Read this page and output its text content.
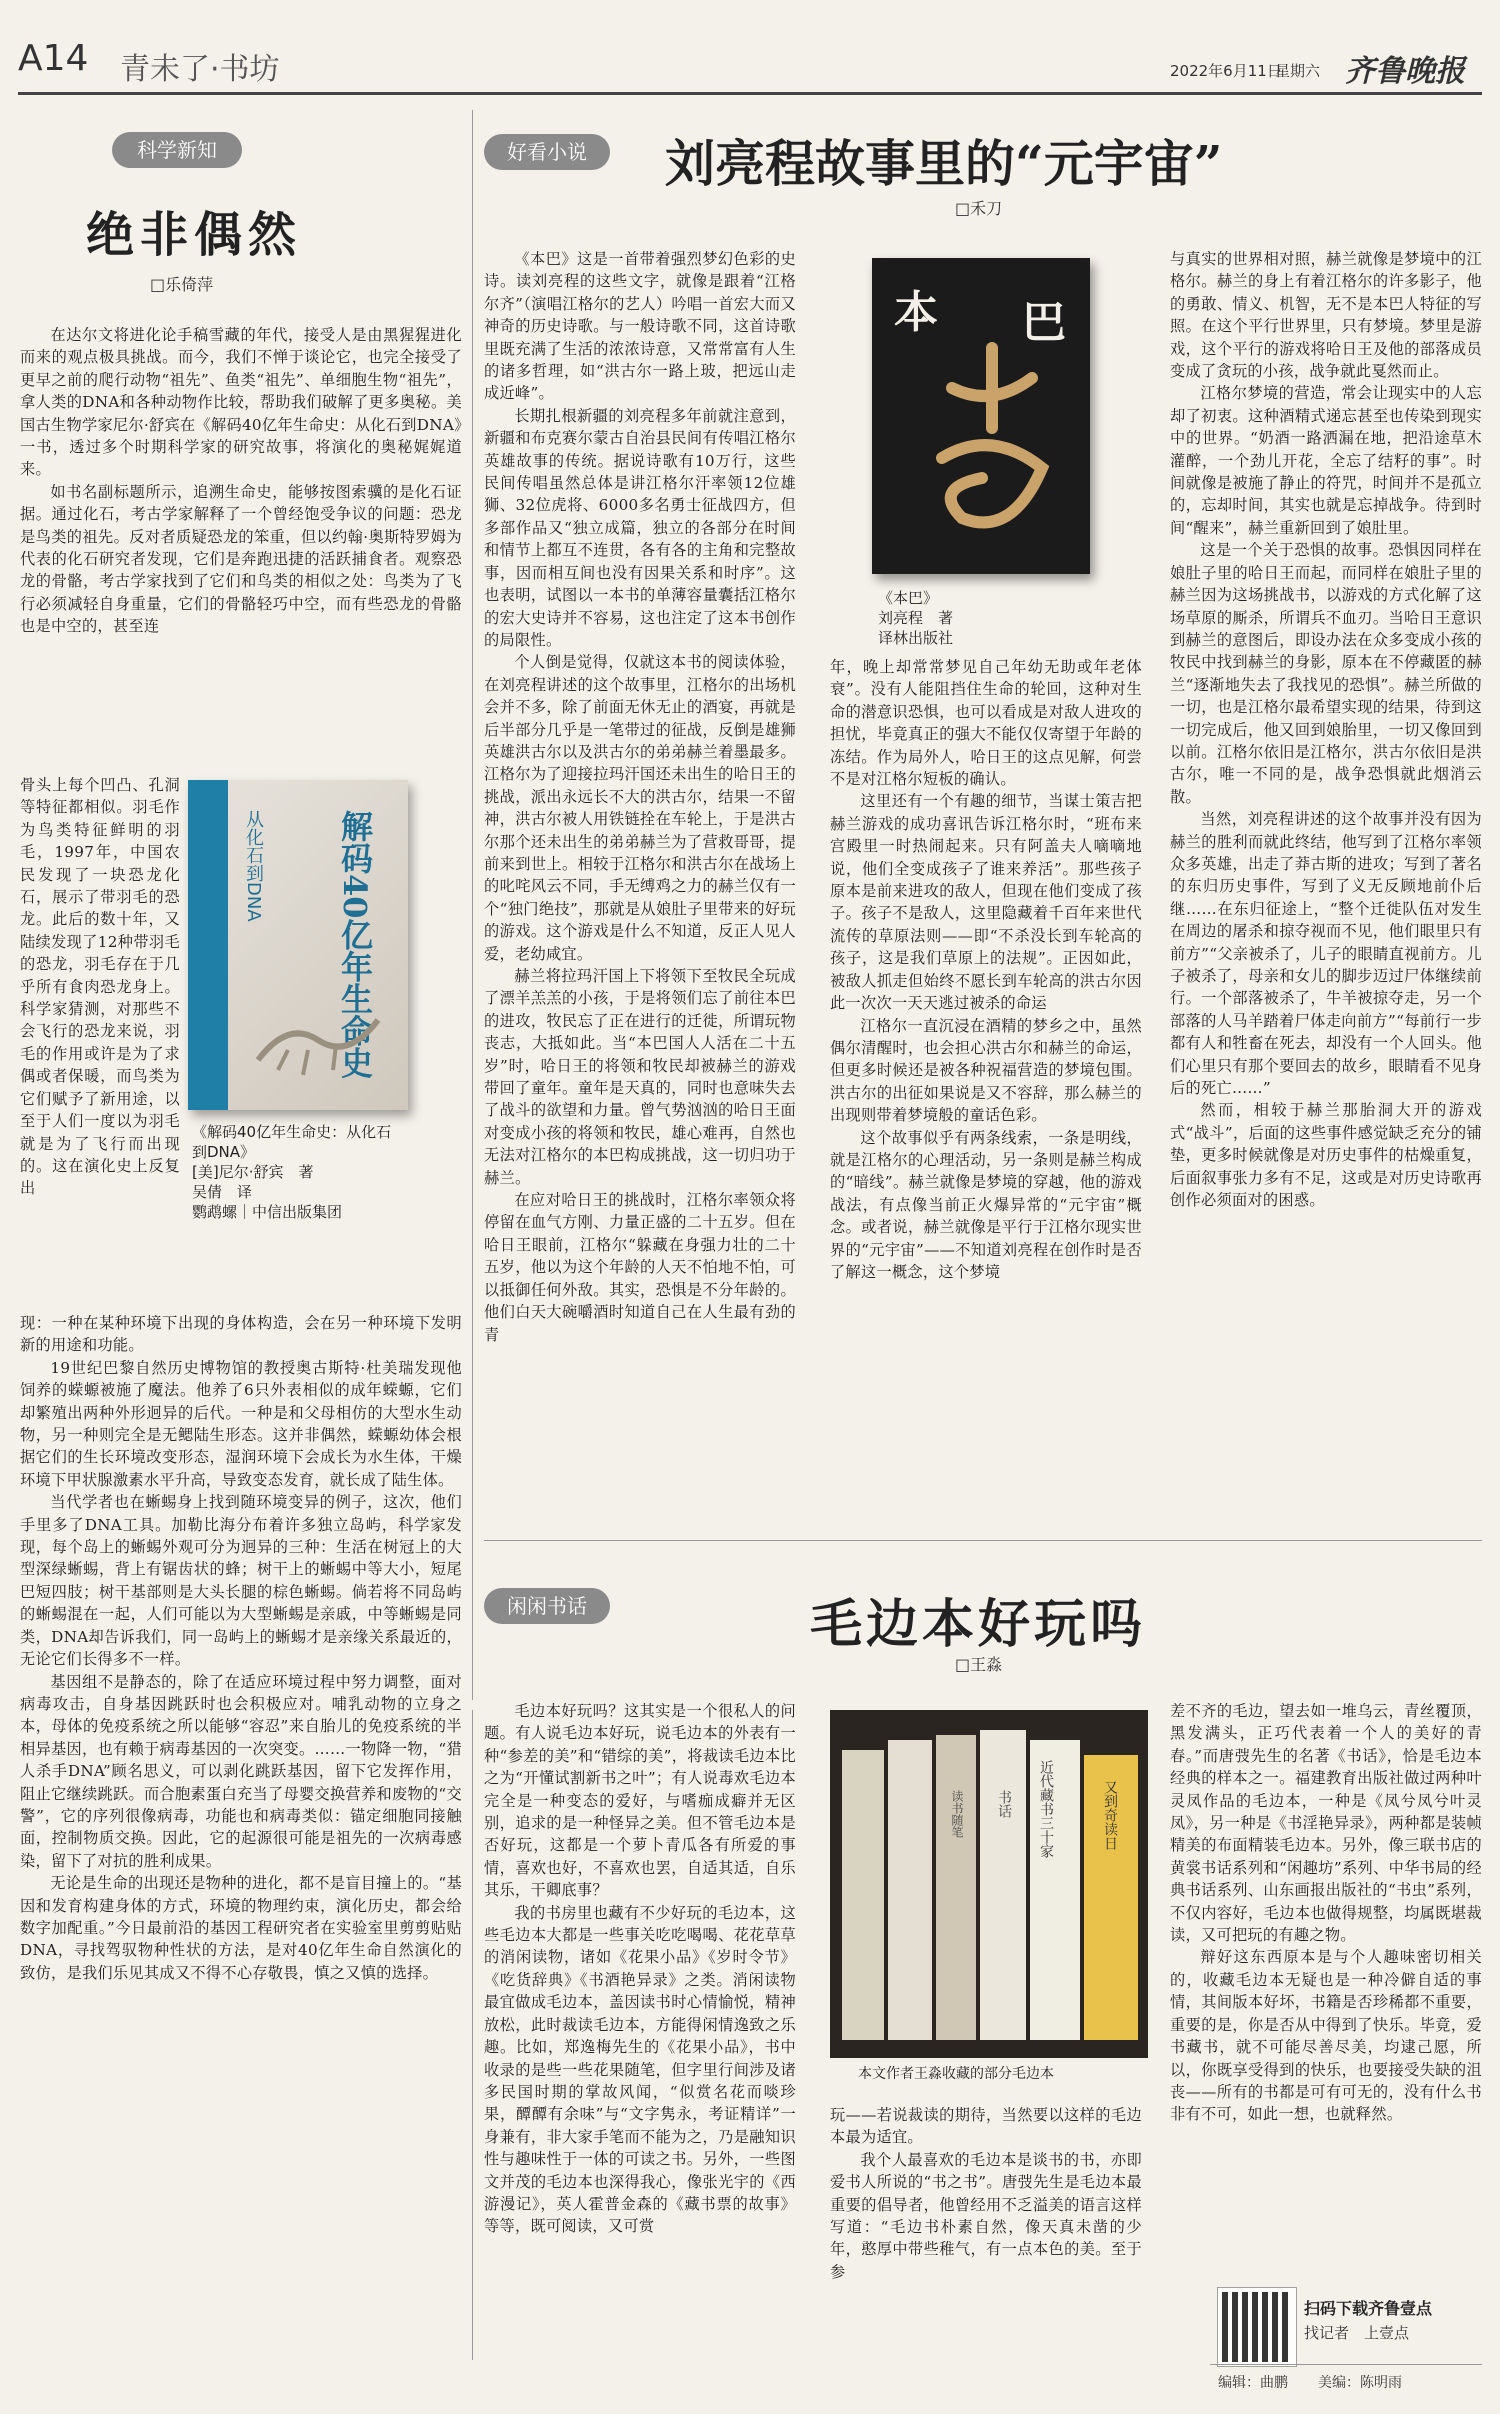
A14 青未了·书坊	2022年6月11日
星期六 齐鲁晚报
科学新知
绝非偶然
□乐倚萍

在达尔文将进化论手稿雪藏的年代，接受人是由黑猩猩进化而来的观点极具挑战。而今，我们不惮于谈论它，也完全接受了更早之前的爬行动物“祖先”、鱼类“祖先”、单细胞生物“祖先”，拿人类的DNA和各种动物作比较，帮助我们破解了更多奥秘。美国古生物学家尼尔·舒宾在《解码40亿年生命史：从化石到DNA》一书，透过多个时期科学家的研究故事，将演化的奥秘娓娓道来。

如书名副标题所示，追溯生命史，能够按图索骥的是化石证据。通过化石，考古学家解释了一个曾经饱受争议的问题：恐龙是鸟类的祖先。反对者质疑恐龙的笨重，但以约翰·奥斯特罗姆为代表的化石研究者发现，它们是奔跑迅捷的活跃捕食者。观察恐龙的骨骼，考古学家找到了它们和鸟类的相似之处：鸟类为了飞行必须减轻自身重量，它们的骨骼轻巧中空，而有些恐龙的骨骼也是中空的，甚至连

骨头上每个凹凸、孔洞等特征都相似。羽毛作为鸟类特征鲜明的羽毛，1997年，中国农民发现了一块恐龙化石，展示了带羽毛的恐龙。此后的数十年，又陆续发现了12种带羽毛的恐龙，羽毛存在于几乎所有食肉恐龙身上。科学家猜测，对那些不会飞行的恐龙来说，羽毛的作用或许是为了求偶或者保暖，而鸟类为它们赋予了新用途，以至于人们一度以为羽毛就是为了飞行而出现的。这在演化史上反复出

解码40亿年生命史
从化石到DNA
《解码40亿年生命史：从化石
到DNA》
[美]尼尔·舒宾　著
吴倩　译
鹦鹉螺｜中信出版集团

现：一种在某种环境下出现的身体构造，会在另一种环境下发明新的用途和功能。

19世纪巴黎自然历史博物馆的教授奥古斯特·杜美瑞发现他饲养的蝾螈被施了魔法。他养了6只外表相似的成年蝾螈，它们却繁殖出两种外形迥异的后代。一种是和父母相仿的大型水生动物，另一种则完全是无鳃陆生形态。这并非偶然，蝾螈幼体会根据它们的生长环境改变形态，湿润环境下会成长为水生体，干燥环境下甲状腺激素水平升高，导致变态发育，就长成了陆生体。

当代学者也在蜥蜴身上找到随环境变异的例子，这次，他们手里多了DNA工具。加勒比海分布着许多独立岛屿，科学家发现，每个岛上的蜥蜴外观可分为迥异的三种：生活在树冠上的大型深绿蜥蜴，背上有锯齿状的蜂；树干上的蜥蜴中等大小，短尾巴短四肢；树干基部则是大头长腿的棕色蜥蜴。倘若将不同岛屿的蜥蜴混在一起，人们可能以为大型蜥蜴是亲戚，中等蜥蜴是同类，DNA却告诉我们，同一岛屿上的蜥蜴才是亲缘关系最近的，无论它们长得多不一样。

基因组不是静态的，除了在适应环境过程中努力调整，面对病毒攻击，自身基因跳跃时也会积极应对。哺乳动物的立身之本，母体的免疫系统之所以能够“容忍”来自胎儿的免疫系统的半相异基因，也有赖于病毒基因的一次突变。……一物降一物，“猎人杀手DNA”顾名思义，可以剥化跳跃基因，留下它发挥作用，阻止它继续跳跃。而合胞素蛋白充当了母婴交换营养和废物的“交警”，它的序列很像病毒，功能也和病毒类似：锚定细胞同接触面，控制物质交换。因此，它的起源很可能是祖先的一次病毒感染，留下了对抗的胜利成果。

无论是生命的出现还是物种的进化，都不是盲目撞上的。“基因和发育构建身体的方式，环境的物理约束，演化历史，都会给数字加配重。”今日最前沿的基因工程研究者在实验室里剪剪贴贴DNA，寻找驾驭物种性状的方法，是对40亿年生命自然演化的致仿，是我们乐见其成又不得不心存敬畏，慎之又慎的选择。

好看小说	刘亮程故事里的“元宇宙”
□禾刀

《本巴》这是一首带着强烈梦幻色彩的史诗。读刘亮程的这些文字，就像是跟着“江格尔齐”（演唱江格尔的艺人）吟唱一首宏大而又神奇的历史诗歌。与一般诗歌不同，这首诗歌里既充满了生活的浓浓诗意，又常常富有人生的诸多哲理，如“洪古尔一路上玻，把远山走成近峰”。

长期扎根新疆的刘亮程多年前就注意到，新疆和布克赛尔蒙古自治县民间有传唱江格尔英雄故事的传统。据说诗歌有10万行，这些民间传唱虽然总体是讲江格尔汗率领12位雄狮、32位虎将、6000多名勇士征战四方，但多部作品又“独立成篇，独立的各部分在时间和情节上都互不连贯，各有各的主角和完整故事，因而相互间也没有因果关系和时序”。这也表明，试图以一本书的单薄容量囊括江格尔的宏大史诗并不容易，这也注定了这本书创作的局限性。

个人倒是觉得，仅就这本书的阅读体验，在刘亮程讲述的这个故事里，江格尔的出场机会并不多，除了前面无休无止的酒宴，再就是后半部分几乎是一笔带过的征战，反倒是雄狮英雄洪古尔以及洪古尔的弟弟赫兰着墨最多。江格尔为了迎接拉玛汗国还未出生的哈日王的挑战，派出永远长不大的洪古尔，结果一不留神，洪古尔被人用铁链拴在车轮上，于是洪古尔那个还未出生的弟弟赫兰为了营救哥哥，提前来到世上。相较于江格尔和洪古尔在战场上的叱咤风云不同，手无缚鸡之力的赫兰仅有一个“独门绝技”，那就是从娘肚子里带来的好玩的游戏。这个游戏是什么不知道，反正人见人爱，老幼咸宜。

赫兰将拉玛汗国上下将领下至牧民全玩成了漂羊羔羔的小孩，于是将领们忘了前往本巴的进攻，牧民忘了正在进行的迁徙，所谓玩物丧志，大抵如此。当“本巴国人人活在二十五岁”时，哈日王的将领和牧民却被赫兰的游戏带回了童年。童年是天真的，同时也意味失去了战斗的欲望和力量。曾气势汹汹的哈日王面对变成小孩的将领和牧民，雄心难再，自然也无法对江格尔的本巴构成挑战，这一切归功于赫兰。

在应对哈日王的挑战时，江格尔率领众将停留在血气方刚、力量正盛的二十五岁。但在哈日王眼前，江格尔“躲藏在身强力壮的二十五岁，他以为这个年龄的人天不怕地不怕，可以抵御任何外敌。其实，恐惧是不分年龄的。他们白天大碗嚼酒时知道自己在人生最有劲的青

本 巴
《本巴》
刘亮程　著
译林出版社

年，晚上却常常梦见自己年幼无助或年老体衰”。没有人能阻挡住生命的轮回，这种对生命的潜意识恐惧，也可以看成是对敌人进攻的担忧，毕竟真正的强大不能仅仅寄望于年龄的冻结。作为局外人，哈日王的这点见解，何尝不是对江格尔短板的确认。

这里还有一个有趣的细节，当谋士策吉把赫兰游戏的成功喜讯告诉江格尔时，“班布来宫殿里一时热闹起来。只有阿盖夫人嘀嘀地说，他们全变成孩子了谁来养活”。那些孩子原本是前来进攻的敌人，但现在他们变成了孩子。孩子不是敌人，这里隐藏着千百年来世代流传的草原法则——即“不杀没长到车轮高的孩子，这是我们草原上的法规”。正因如此，被敌人抓走但始终不愿长到车轮高的洪古尔因此一次次一天天逃过被杀的命运

江格尔一直沉浸在酒精的梦乡之中，虽然偶尔清醒时，也会担心洪古尔和赫兰的命运，但更多时候还是被各种祝福营造的梦境包围。洪古尔的出征如果说是又不容辞，那么赫兰的出现则带着梦境般的童话色彩。

这个故事似乎有两条线索，一条是明线，就是江格尔的心理活动，另一条则是赫兰构成的“暗线”。赫兰就像是梦境的穿越，他的游戏战法，有点像当前正火爆异常的“元宇宙”概念。或者说，赫兰就像是平行于江格尔现实世界的“元宇宙”——不知道刘亮程在创作时是否了解这一概念，这个梦境

与真实的世界相对照，赫兰就像是梦境中的江格尔。赫兰的身上有着江格尔的许多影子，他的勇敢、情义、机智，无不是本巴人特征的写照。在这个平行世界里，只有梦境。梦里是游戏，这个平行的游戏将哈日王及他的部落成员变成了贪玩的小孩，战争就此戛然而止。

江格尔梦境的营造，常会让现实中的人忘却了初衷。这种酒精式递忘甚至也传染到现实中的世界。“奶酒一路洒漏在地，把沿途草木灌醉，一个劲儿开花，全忘了结籽的事”。时间就像是被施了静止的符咒，时间并不是孤立的，忘却时间，其实也就是忘掉战争。待到时间“醒来”，赫兰重新回到了娘肚里。

这是一个关于恐惧的故事。恐惧因同样在娘肚子里的哈日王而起，而同样在娘肚子里的赫兰因为这场挑战书，以游戏的方式化解了这场草原的厮杀，所谓兵不血刃。当哈日王意识到赫兰的意图后，即设办法在众多变成小孩的牧民中找到赫兰的身影，原本在不停藏匿的赫兰“逐渐地失去了我找见的恐惧”。赫兰所做的一切，也是江格尔最希望实现的结果，待到这一切完成后，他又回到娘胎里，一切又像回到以前。江格尔依旧是江格尔，洪古尔依旧是洪古尔，唯一不同的是，战争恐惧就此烟消云散。

当然，刘亮程讲述的这个故事并没有因为赫兰的胜利而就此终结，他写到了江格尔率领众多英雄，出走了莽古斯的进攻；写到了著名的东归历史事件，写到了义无反顾地前仆后继……在东归征途上，“整个迁徙队伍对发生在周边的屠杀和掠夺视而不见，他们眼里只有前方”“父亲被杀了，儿子的眼睛直视前方。儿子被杀了，母亲和女儿的脚步迈过尸体继续前行。一个部落被杀了，牛羊被掠夺走，另一个部落的人马羊踏着尸体走向前方”“每前行一步都有人和牲畜在死去，却没有一个人回头。他们心里只有那个要回去的故乡，眼睛看不见身后的死亡……”

然而，相较于赫兰那胎洞大开的游戏式“战斗”，后面的这些事件感觉缺乏充分的铺垫，更多时候就像是对历史事件的枯燥重复，后面叙事张力多有不足，这或是对历史诗歌再创作必须面对的困惑。

闲闲书话	毛边本好玩吗
□王淼

毛边本好玩吗？这其实是一个很私人的问题。有人说毛边本好玩，说毛边本的外表有一种“参差的美”和“错综的美”，将裁读毛边本比之为“开懂试割新书之叶”；有人说毒欢毛边本完全是一种变态的爱好，与嗜痂成癖并无区别，追求的是一种怪异之美。但不管毛边本是否好玩，这都是一个萝卜青瓜各有所爱的事情，喜欢也好，不喜欢也罢，自适其适，自乐其乐，干卿底事？

我的书房里也藏有不少好玩的毛边本，这些毛边本大都是一些事关吃吃喝喝、花花草草的消闲读物，诸如《花果小品》《岁时令节》《吃货辞典》《书酒艳异录》之类。消闲读物最宜做成毛边本，盖因读书时心情愉悦，精神放松，此时裁读毛边本，方能得闲情逸致之乐趣。比如，郑逸梅先生的《花果小品》，书中收录的是些一些花果随笔，但字里行间涉及诸多民国时期的掌故风闻，“似赏名花而啖珍果，醰醰有余味”与“文字隽永，考证精详”一身兼有，非大家手笔而不能为之，乃是融知识性与趣味性于一体的可读之书。另外，一些图文并茂的毛边本也深得我心，像张光宇的《西游漫记》，英人霍普金森的《藏书票的故事》等等，既可阅读，又可赏

近代藏书三十家
读书随笔 书话	又到奇读日
本文作者王淼收藏的部分毛边本

玩——若说裁读的期待，当然要以这样的毛边本最为适宜。

我个人最喜欢的毛边本是谈书的书，亦即爱书人所说的“书之书”。唐弢先生是毛边本最重要的倡导者，他曾经用不乏溢美的语言这样写道：“毛边书朴素自然，像天真未凿的少年，憨厚中带些稚气，有一点本色的美。至于参

差不齐的毛边，望去如一堆乌云，青丝覆顶，黑发满头，正巧代表着一个人的美好的青春。”而唐弢先生的名著《书话》，恰是毛边本经典的样本之一。福建教育出版社做过两种叶灵凤作品的毛边本，一种是《凤兮凤兮叶灵凤》，另一种是《书淫艳异录》，两种都是装帧精美的布面精装毛边本。另外，像三联书店的黄裳书话系列和“闲趣坊”系列、中华书局的经典书话系列、山东画报出版社的“书虫”系列，不仅内容好，毛边本也做得规整，均属既堪裁读，又可把玩的有趣之物。

辩好这东西原本是与个人趣味密切相关的，收藏毛边本无疑也是一种冷僻自适的事情，其间版本好坏，书籍是否珍稀都不重要，重要的是，你是否从中得到了快乐。毕竟，爱书藏书，就不可能尽善尽美，均逮己愿，所以，你既享受得到的快乐，也要接受失缺的沮丧——所有的书都是可有可无的，没有什么书非有不可，如此一想，也就释然。

扫码下载齐鲁壹点
找记者　上壹点
编辑：曲鹏 美编：陈明雨
